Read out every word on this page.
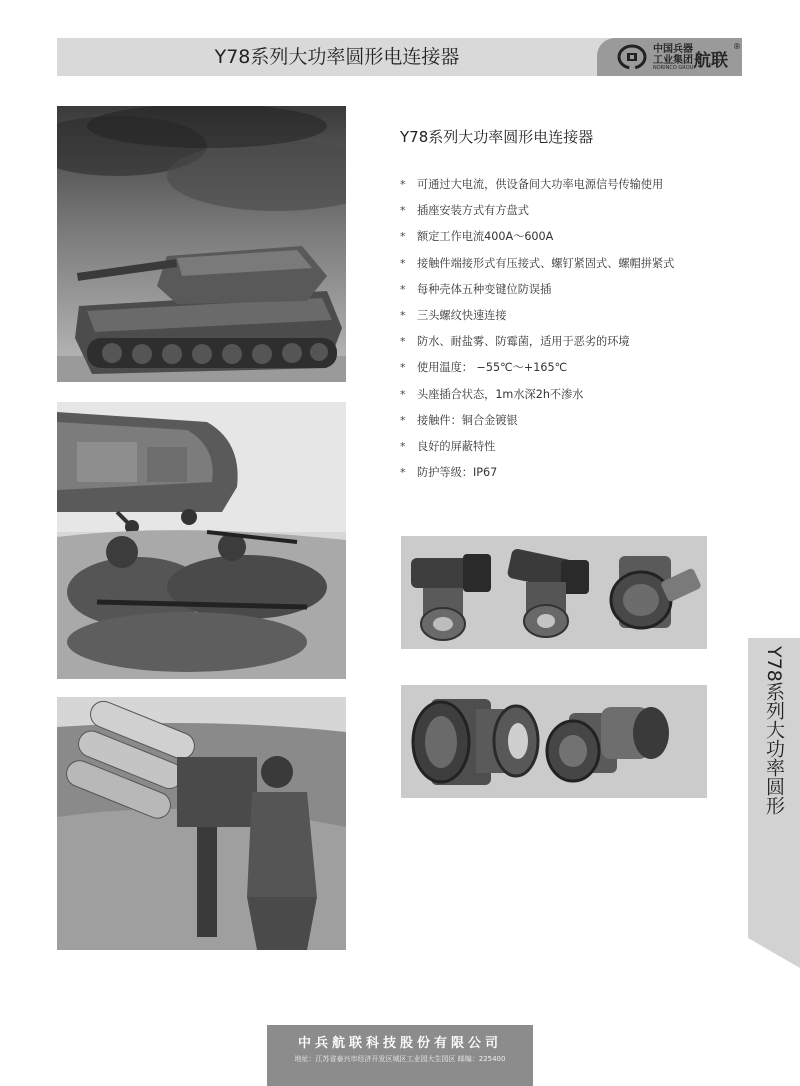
Y78系列大功率圆形电连接器	中国兵器
工业集团
NORINCO GROUP
航联
®
Y78系列大功率圆形电连接器
* 可通过大电流，供设备间大功率电源信号传输使用
* 插座安装方式有方盘式
* 额定工作电流400A～600A
* 接触件端接形式有压接式、螺钉紧固式、螺帽拼紧式
* 每种壳体五种变键位防误插
* 三头螺纹快速连接
* 防水、耐盐雾、防霉菌，适用于恶劣的环境
* 使用温度： −55℃～+165℃
* 头座插合状态，1m水深2h不渗水
* 接触件：铜合金镀银
* 良好的屏蔽特性
* 防护等级：IP67
Y78系列大功率圆形
中兵航联科技股份有限公司
地址：江苏省泰兴市经济开发区城区工业园大生园区 邮编：225400
